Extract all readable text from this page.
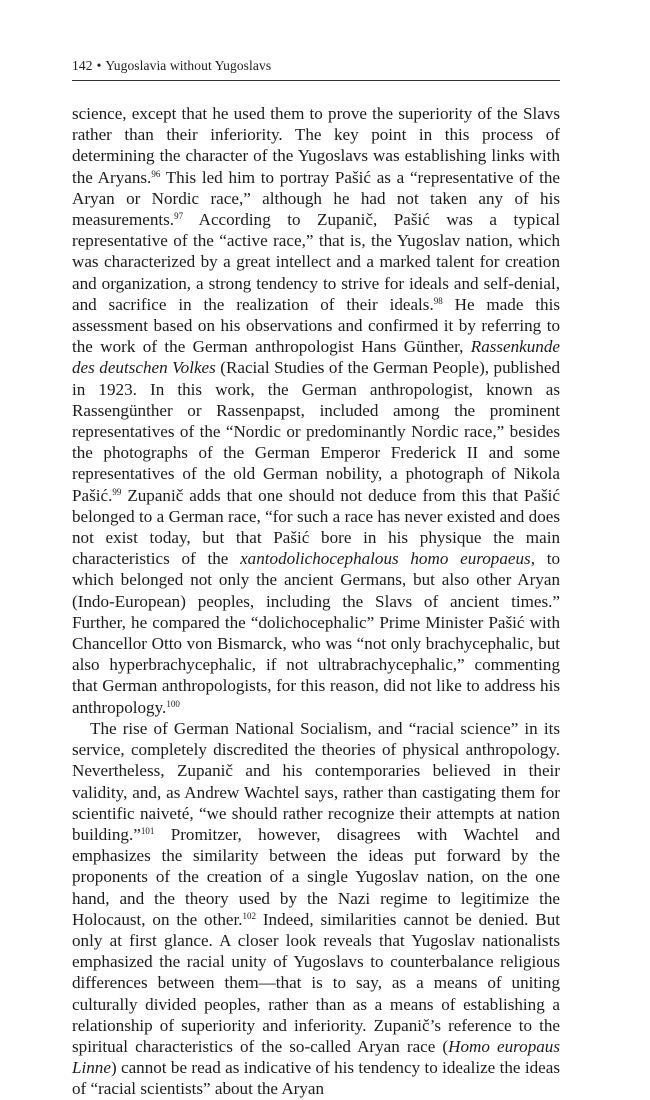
142 • Yugoslavia without Yugoslavs

science, except that he used them to prove the superiority of the Slavs rather than their inferiority. The key point in this process of determining the character of the Yugoslavs was establishing links with the Aryans.$^{96}$ This led him to portray Pašić as a “representative of the Aryan or Nordic race,” although he had not taken any of his measurements.$^{97}$ According to Zupanič, Pašić was a typical representative of the “active race,” that is, the Yugoslav nation, which was characterized by a great intellect and a marked talent for creation and organization, a strong tendency to strive for ideals and self-denial, and sacrifice in the realization of their ideals.$^{98}$ He made this assessment based on his observations and confirmed it by referring to the work of the German anthropologist Hans Günther, Rassenkunde des deutschen Volkes (Racial Studies of the German People), published in 1923. In this work, the German anthropologist, known as Rassengünther or Rassenpapst, included among the prominent representatives of the “Nordic or predominantly Nordic race,” besides the photographs of the German Emperor Frederick II and some representatives of the old German nobility, a photograph of Nikola Pašić.$^{99}$ Zupanič adds that one should not deduce from this that Pašić belonged to a German race, “for such a race has never existed and does not exist today, but that Pašić bore in his physique the main characteristics of the xantodolichocephalous homo europaeus, to which belonged not only the ancient Germans, but also other Aryan (Indo-European) peoples, including the Slavs of ancient times.” Further, he compared the “dolichocephalic” Prime Minister Pašić with Chancellor Otto von Bismarck, who was “not only brachycephalic, but also hyperbrachycephalic, if not ultrabrachycephalic,” commenting that German anthropologists, for this reason, did not like to address his anthropology.$^{100}$

The rise of German National Socialism, and “racial science” in its service, completely discredited the theories of physical anthropology. Nevertheless, Zupanič and his contemporaries believed in their validity, and, as Andrew Wachtel says, rather than castigating them for scientific naiveté, “we should rather recognize their attempts at nation building.”$^{101}$ Promitzer, however, disagrees with Wachtel and emphasizes the similarity between the ideas put forward by the proponents of the creation of a single Yugoslav nation, on the one hand, and the theory used by the Nazi regime to legitimize the Holocaust, on the other.$^{102}$ Indeed, similarities cannot be denied. But only at first glance. A closer look reveals that Yugoslav nationalists emphasized the racial unity of Yugoslavs to counterbalance religious differences between them—that is to say, as a means of uniting culturally divided peoples, rather than as a means of establishing a relationship of superiority and inferiority. Zupanič’s reference to the spiritual characteristics of the so-called Aryan race (Homo europaus Linne) cannot be read as indicative of his tendency to idealize the ideas of “racial scientists” about the Aryan
